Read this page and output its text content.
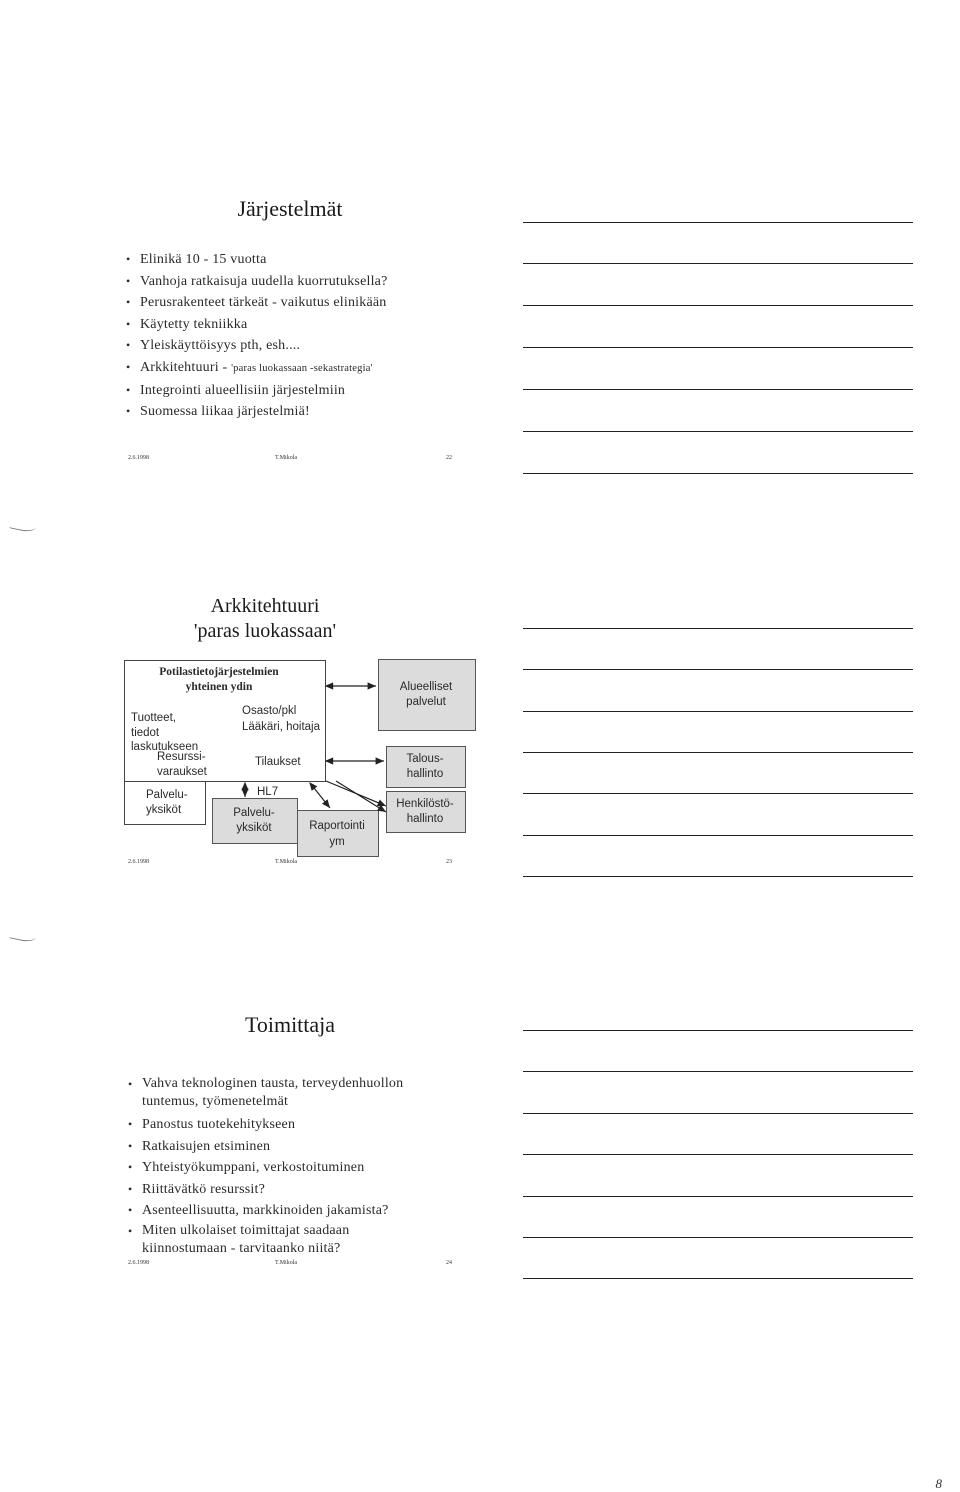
Järjestelmät
• Elinikä 10 - 15 vuotta
• Vanhoja ratkaisuja uudella kuorrutuksella?
• Perusrakenteet tärkeät - vaikutus elinikään
• Käytetty tekniikka
• Yleiskäyttöisyys pth, esh....
• Arkkitehtuuri - 'paras luokassaan -sekastrategia'
• Integrointi alueellisiin järjestelmiin
• Suomessa liikaa järjestelmiä!
2.6.1998	T.Mikola	22
Arkkitehtuuri
'paras luokassaan'
Potilastietojärjestelmien
yhteinen ydin
Tuotteet,
tiedot laskutukseen
Osasto/pkl
Lääkäri, hoitaja
Resurssi-
varaukset
Tilaukset
Palvelu-
yksiköt
HL7
Palvelu-
yksiköt	Raportointi
ym
Alueelliset
palvelut
Talous-
hallinto
Henkilöstö-
hallinto
2.6.1998	T.Mikola	23
Toimittaja
• Vahva teknologinen tausta, terveydenhuollon
tuntemus, työmenetelmät
• Panostus tuotekehitykseen
• Ratkaisujen etsiminen
• Yhteistyökumppani, verkostoituminen
• Riittävätkö resurssit?
• Asenteellisuutta, markkinoiden jakamista?
• Miten ulkolaiset toimittajat saadaan
kiinnostumaan - tarvitaanko niitä?
2.6.1998	T.Mikola	24
8
